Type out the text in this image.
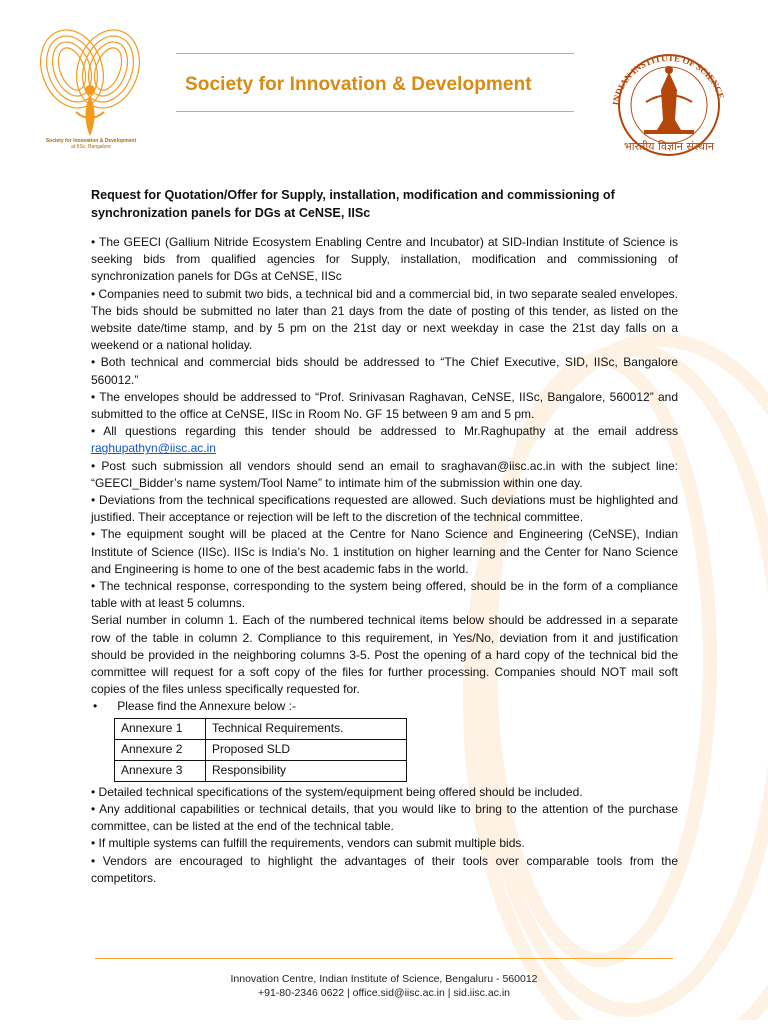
Society for Innovation & Development
at IISc, Bangalore
Society for Innovation & Development
INDIAN INSTITUTE OF SCIENCE
भारतीय विज्ञान संस्थान
Request for Quotation/Offer for Supply, installation, modification and commissioning of synchronization panels for DGs at CeNSE, IISc

• The GEECI (Gallium Nitride Ecosystem Enabling Centre and Incubator) at SID-Indian Institute of Science is seeking bids from qualified agencies for Supply, installation, modification and commissioning of synchronization panels for DGs at CeNSE, IISc

• Companies need to submit two bids, a technical bid and a commercial bid, in two separate sealed envelopes. The bids should be submitted no later than 21 days from the date of posting of this tender, as listed on the website date/time stamp, and by 5 pm on the 21st day or next weekday in case the 21st day falls on a weekend or a national holiday.

• Both technical and commercial bids should be addressed to “The Chief Executive, SID, IISc, Bangalore 560012.”

• The envelopes should be addressed to “Prof. Srinivasan Raghavan, CeNSE, IISc, Bangalore, 560012” and submitted to the office at CeNSE, IISc in Room No. GF 15 between 9 am and 5 pm.

• All questions regarding this tender should be addressed to Mr.Raghupathy at the email address raghupathyn@iisc.ac.in

• Post such submission all vendors should send an email to sraghavan@iisc.ac.in with the subject line: “GEECI_Bidder’s name system/Tool Name” to intimate him of the submission within one day.

• Deviations from the technical specifications requested are allowed. Such deviations must be highlighted and justified. Their acceptance or rejection will be left to the discretion of the technical committee.

• The equipment sought will be placed at the Centre for Nano Science and Engineering (CeNSE), Indian Institute of Science (IISc). IISc is India’s No. 1 institution on higher learning and the Center for Nano Science and Engineering is home to one of the best academic fabs in the world.

• The technical response, corresponding to the system being offered, should be in the form of a compliance table with at least 5 columns.

Serial number in column 1. Each of the numbered technical items below should be addressed in a separate row of the table in column 2. Compliance to this requirement, in Yes/No, deviation from it and justification should be provided in the neighboring columns 3-5. Post the opening of a hard copy of the technical bid the committee will request for a soft copy of the files for further processing. Companies should NOT mail soft copies of the files unless specifically requested for.

•	Please find the Annexure below :-
Annexure 1	Technical Requirements.
Annexure 2	Proposed SLD
Annexure 3	Responsibility

• Detailed technical specifications of the system/equipment being offered should be included.

• Any additional capabilities or technical details, that you would like to bring to the attention of the purchase committee, can be listed at the end of the technical table.

• If multiple systems can fulfill the requirements, vendors can submit multiple bids.

• Vendors are encouraged to highlight the advantages of their tools over comparable tools from the competitors.

Innovation Centre, Indian Institute of Science, Bengaluru - 560012
+91-80-2346 0622 | office.sid@iisc.ac.in | sid.iisc.ac.in
